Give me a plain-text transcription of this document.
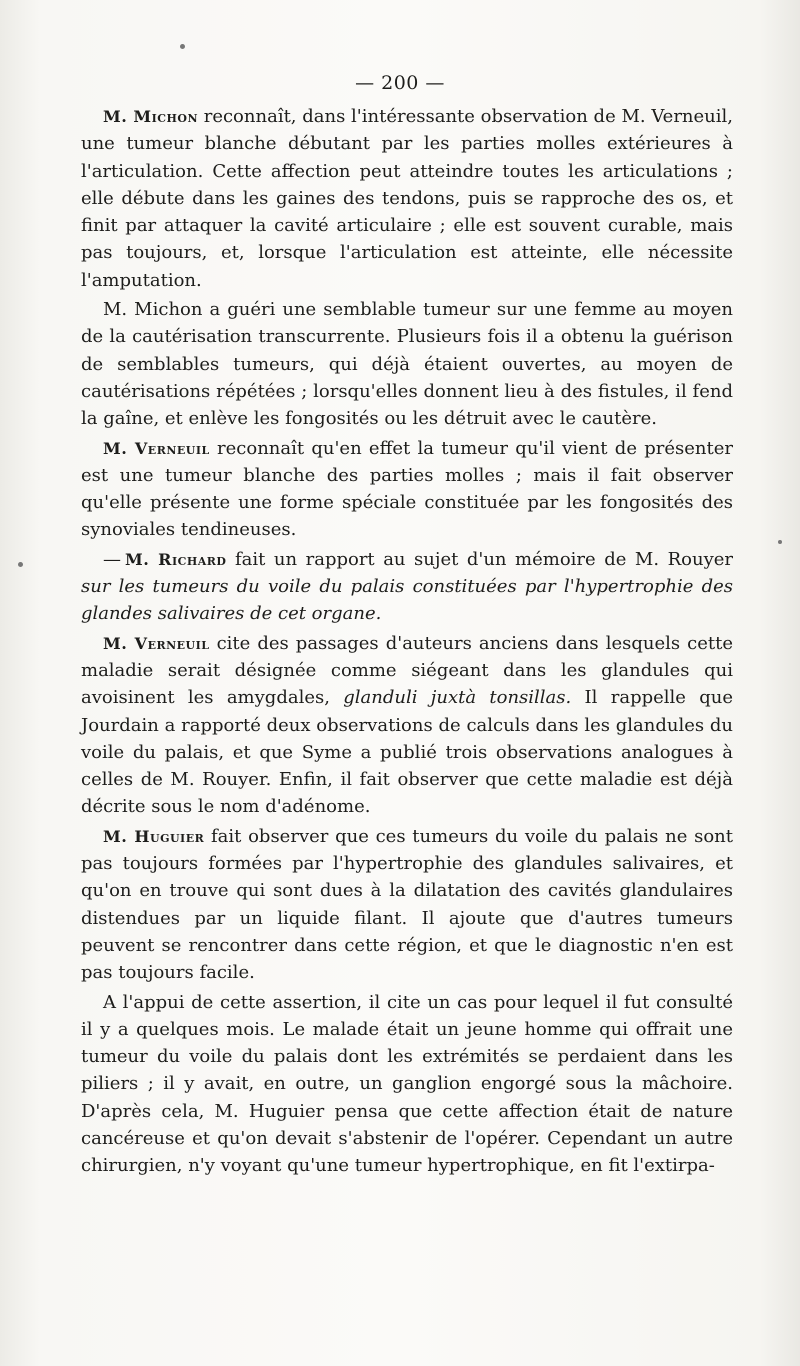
— 200 —

M. Michon reconnaît, dans l'intéressante observation de M. Verneuil, une tumeur blanche débutant par les parties molles extérieures à l'articulation. Cette affection peut atteindre toutes les articulations ; elle débute dans les gaines des tendons, puis se rapproche des os, et finit par attaquer la cavité articulaire ; elle est souvent curable, mais pas toujours, et, lorsque l'articulation est atteinte, elle nécessite l'amputation.

M. Michon a guéri une semblable tumeur sur une femme au moyen de la cautérisation transcurrente. Plusieurs fois il a obtenu la guérison de semblables tumeurs, qui déjà étaient ouvertes, au moyen de cautérisations répétées ; lorsqu'elles donnent lieu à des fistules, il fend la gaîne, et enlève les fongosités ou les détruit avec le cautère.

M. Verneuil reconnaît qu'en effet la tumeur qu'il vient de présenter est une tumeur blanche des parties molles ; mais il fait observer qu'elle présente une forme spéciale constituée par les fongosités des synoviales tendineuses.

— M. Richard fait un rapport au sujet d'un mémoire de M. Rouyer sur les tumeurs du voile du palais constituées par l'hypertrophie des glandes salivaires de cet organe.

M. Verneuil cite des passages d'auteurs anciens dans lesquels cette maladie serait désignée comme siégeant dans les glandules qui avoisinent les amygdales, glanduli juxtà tonsillas. Il rappelle que Jourdain a rapporté deux observations de calculs dans les glandules du voile du palais, et que Syme a publié trois observations analogues à celles de M. Rouyer. Enfin, il fait observer que cette maladie est déjà décrite sous le nom d'adénome.

M. Huguier fait observer que ces tumeurs du voile du palais ne sont pas toujours formées par l'hypertrophie des glandules salivaires, et qu'on en trouve qui sont dues à la dilatation des cavités glandulaires distendues par un liquide filant. Il ajoute que d'autres tumeurs peuvent se rencontrer dans cette région, et que le diagnostic n'en est pas toujours facile.

A l'appui de cette assertion, il cite un cas pour lequel il fut consulté il y a quelques mois. Le malade était un jeune homme qui offrait une tumeur du voile du palais dont les extrémités se perdaient dans les piliers ; il y avait, en outre, un ganglion engorgé sous la mâchoire. D'après cela, M. Huguier pensa que cette affection était de nature cancéreuse et qu'on devait s'abstenir de l'opérer. Cependant un autre chirurgien, n'y voyant qu'une tumeur hypertrophique, en fit l'extirpa-
